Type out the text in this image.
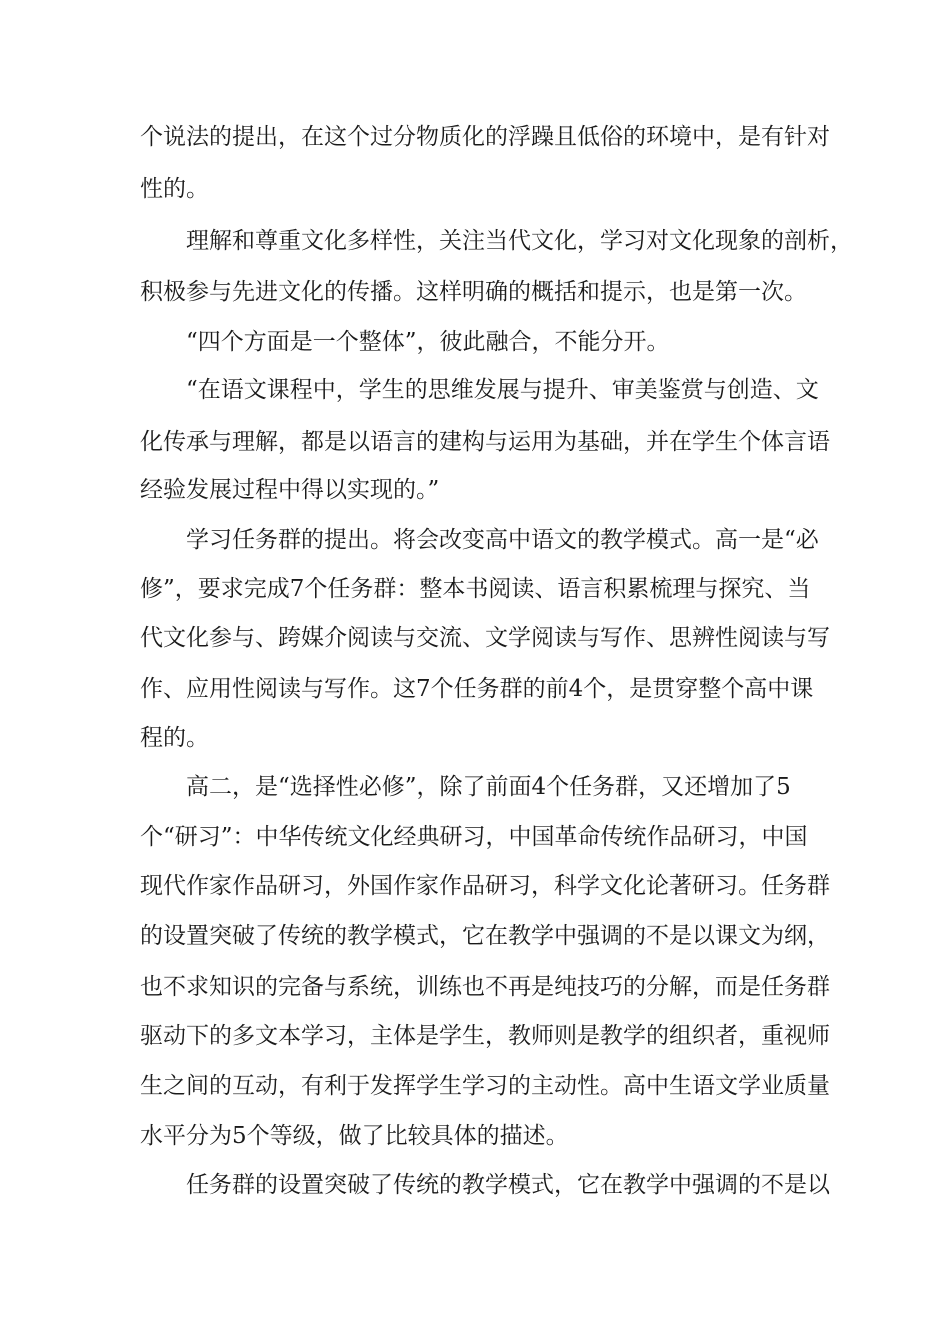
个说法的提出，在这个过分物质化的浮躁且低俗的环境中，是有针对
性的。
　　理解和尊重文化多样性，关注当代文化，学习对文化现象的剖析，
积极参与先进文化的传播。这样明确的概括和提示，也是第一次。
　　“四个方面是一个整体”，彼此融合，不能分开。
　　“在语文课程中，学生的思维发展与提升、审美鉴赏与创造、文
化传承与理解，都是以语言的建构与运用为基础，并在学生个体言语
经验发展过程中得以实现的。”
　　学习任务群的提出。将会改变高中语文的教学模式。高一是“必
修”，要求完成7个任务群：整本书阅读、语言积累梳理与探究、当
代文化参与、跨媒介阅读与交流、文学阅读与写作、思辨性阅读与写
作、应用性阅读与写作。这7个任务群的前4个，是贯穿整个高中课
程的。
　　高二，是“选择性必修”，除了前面4个任务群，又还增加了5
个“研习”：中华传统文化经典研习，中国革命传统作品研习，中国
现代作家作品研习，外国作家作品研习，科学文化论著研习。任务群
的设置突破了传统的教学模式，它在教学中强调的不是以课文为纲，
也不求知识的完备与系统，训练也不再是纯技巧的分解，而是任务群
驱动下的多文本学习，主体是学生，教师则是教学的组织者，重视师
生之间的互动，有利于发挥学生学习的主动性。高中生语文学业质量
水平分为5个等级，做了比较具体的描述。
　　任务群的设置突破了传统的教学模式，它在教学中强调的不是以
